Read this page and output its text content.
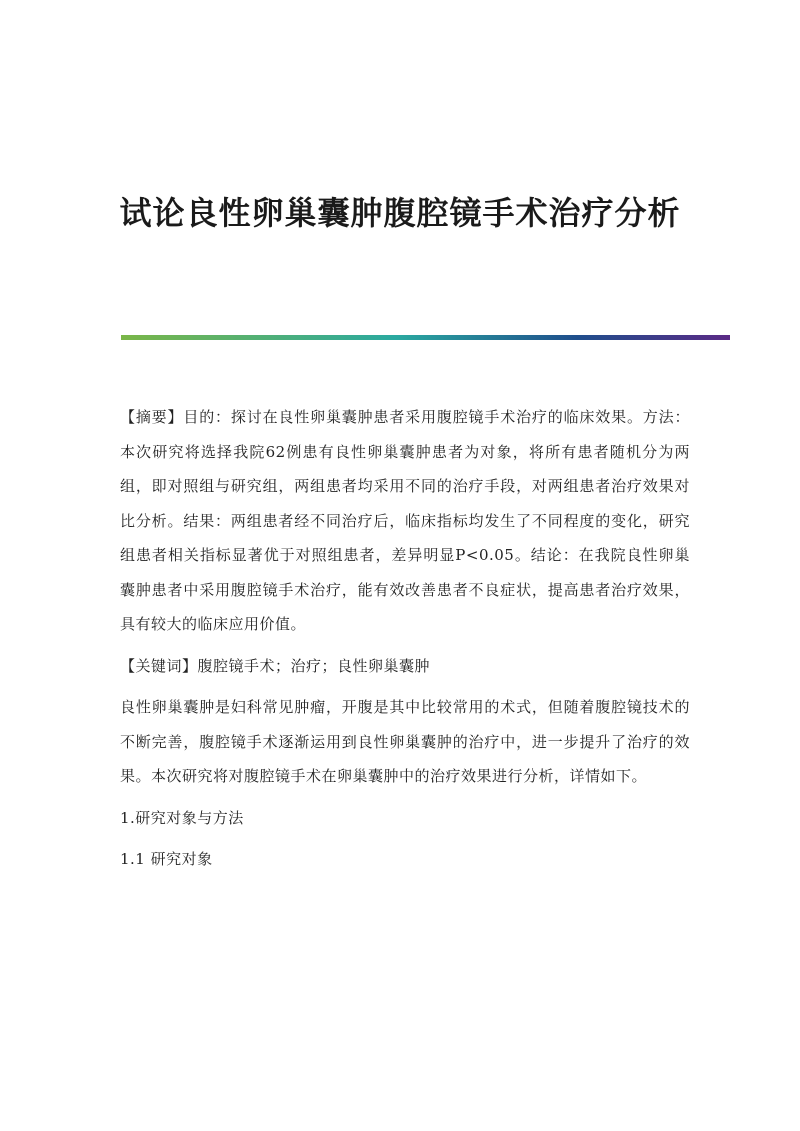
试论良性卵巢囊肿腹腔镜手术治疗分析

【摘要】目的：探讨在良性卵巢囊肿患者采用腹腔镜手术治疗的临床效果。方法：本次研究将选择我院62例患有良性卵巢囊肿患者为对象，将所有患者随机分为两组，即对照组与研究组，两组患者均采用不同的治疗手段，对两组患者治疗效果对比分析。结果：两组患者经不同治疗后，临床指标均发生了不同程度的变化，研究组患者相关指标显著优于对照组患者，差异明显P<0.05。结论：在我院良性卵巢囊肿患者中采用腹腔镜手术治疗，能有效改善患者不良症状，提高患者治疗效果，具有较大的临床应用价值。

【关键词】腹腔镜手术；治疗；良性卵巢囊肿

良性卵巢囊肿是妇科常见肿瘤，开腹是其中比较常用的术式，但随着腹腔镜技术的不断完善，腹腔镜手术逐渐运用到良性卵巢囊肿的治疗中，进一步提升了治疗的效果。本次研究将对腹腔镜手术在卵巢囊肿中的治疗效果进行分析，详情如下。

1.研究对象与方法

1.1 研究对象
